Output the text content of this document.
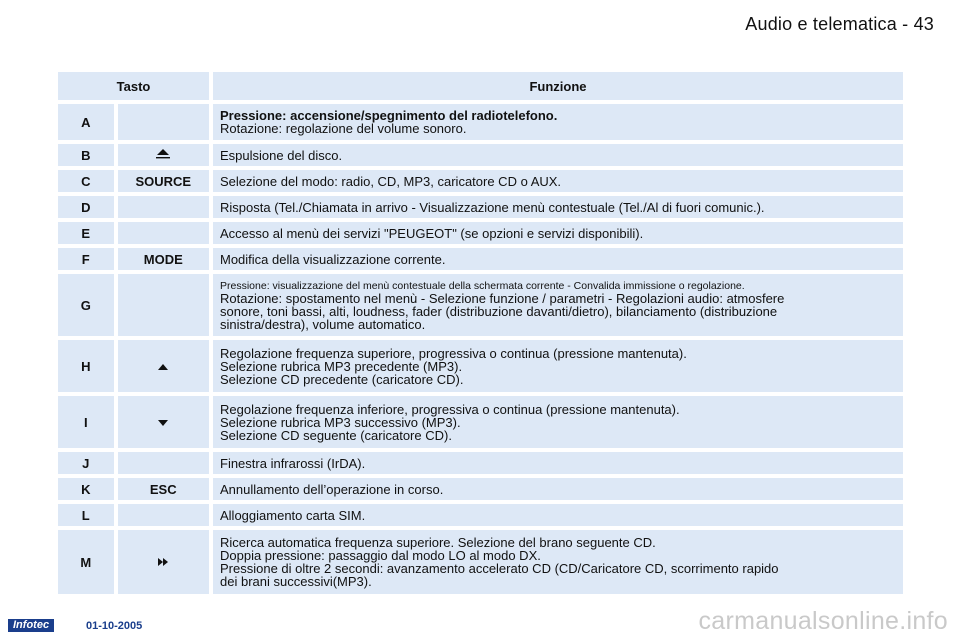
Audio e telematica - 43
Tasto		Funzione
A		Pressione: accensione/spegnimento del radiotelefono.
Rotazione: regolazione del volume sonoro.

B		Espulsione del disco.

C	SOURCE	Selezione del modo: radio, CD, MP3, caricatore CD o AUX.

D		Risposta (Tel./Chiamata in arrivo - Visualizzazione menù contestuale (Tel./Al di fuori comunic.).

E		Accesso al menù dei servizi "PEUGEOT" (se opzioni e servizi disponibili).

F	MODE	Modifica della visualizzazione corrente.

G		Pressione: visualizzazione del menù contestuale della schermata corrente - Convalida immissione o regolazione.
Rotazione: spostamento nel menù - Selezione funzione / parametri - Regolazioni audio: atmosfere
sonore, toni bassi, alti, loudness, fader (distribuzione davanti/dietro), bilanciamento (distribuzione
sinistra/destra), volume automatico.

H		Regolazione frequenza superiore, progressiva o continua (pressione mantenuta).
Selezione rubrica MP3 precedente (MP3).
Selezione CD precedente (caricatore CD).

I		Regolazione frequenza inferiore, progressiva o continua (pressione mantenuta).
Selezione rubrica MP3 successivo (MP3).
Selezione CD seguente (caricatore CD).

J		Finestra infrarossi (IrDA).

K	ESC	Annullamento dell’operazione in corso.

L		Alloggiamento carta SIM.

M		Ricerca automatica frequenza superiore. Selezione del brano seguente CD.
Doppia pressione: passaggio dal modo LO al modo DX.
Pressione di oltre 2 secondi: avanzamento accelerato CD (CD/Caricatore CD, scorrimento rapido
dei brani successivi(MP3).
Infotec	01-10-2005	carmanualsonline.info
